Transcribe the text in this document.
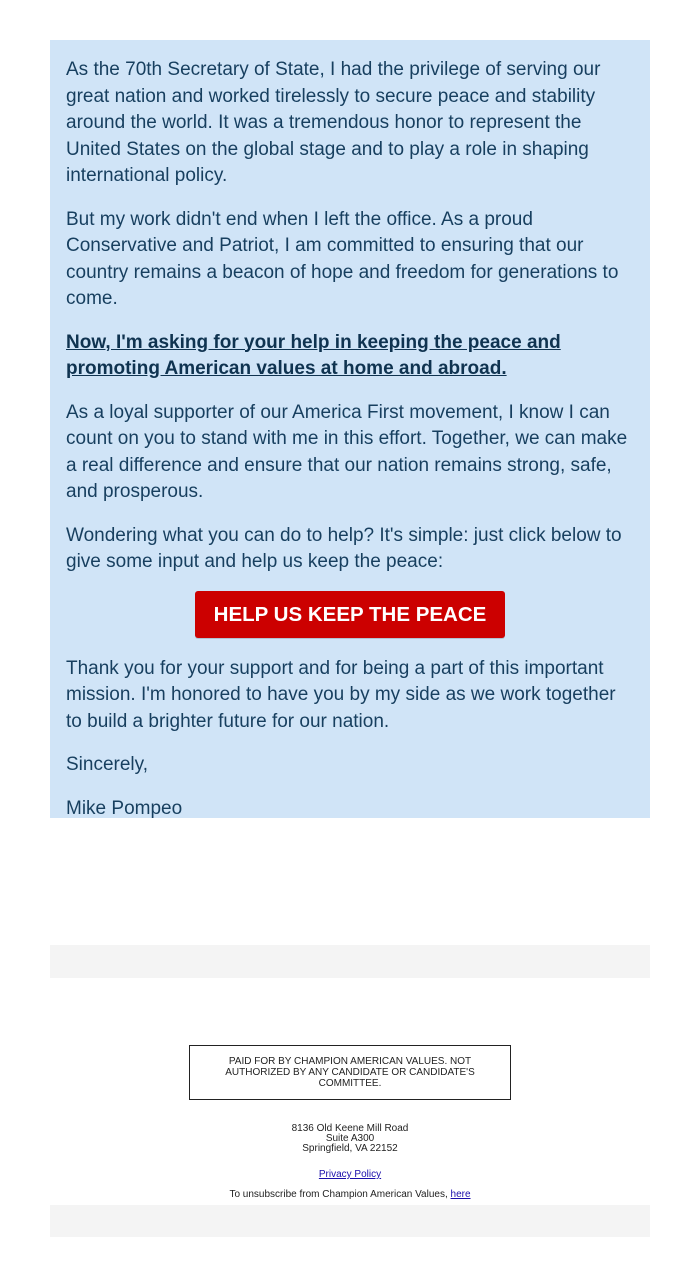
As the 70th Secretary of State, I had the privilege of serving our great nation and worked tirelessly to secure peace and stability around the world. It was a tremendous honor to represent the United States on the global stage and to play a role in shaping international policy.

But my work didn't end when I left the office. As a proud Conservative and Patriot, I am committed to ensuring that our country remains a beacon of hope and freedom for generations to come.

Now, I'm asking for your help in keeping the peace and promoting American values at home and abroad.

As a loyal supporter of our America First movement, I know I can count on you to stand with me in this effort. Together, we can make a real difference and ensure that our nation remains strong, safe, and prosperous.

Wondering what you can do to help? It's simple: just click below to give some input and help us keep the peace:

HELP US KEEP THE PEACE

Thank you for your support and for being a part of this important mission. I'm honored to have you by my side as we work together to build a brighter future for our nation.

Sincerely,

Mike Pompeo

PAID FOR BY CHAMPION AMERICAN VALUES. NOT AUTHORIZED BY ANY CANDIDATE OR CANDIDATE'S COMMITTEE.
8136 Old Keene Mill Road
Suite A300
Springfield, VA 22152
Privacy Policy
To unsubscribe from Champion American Values, here
